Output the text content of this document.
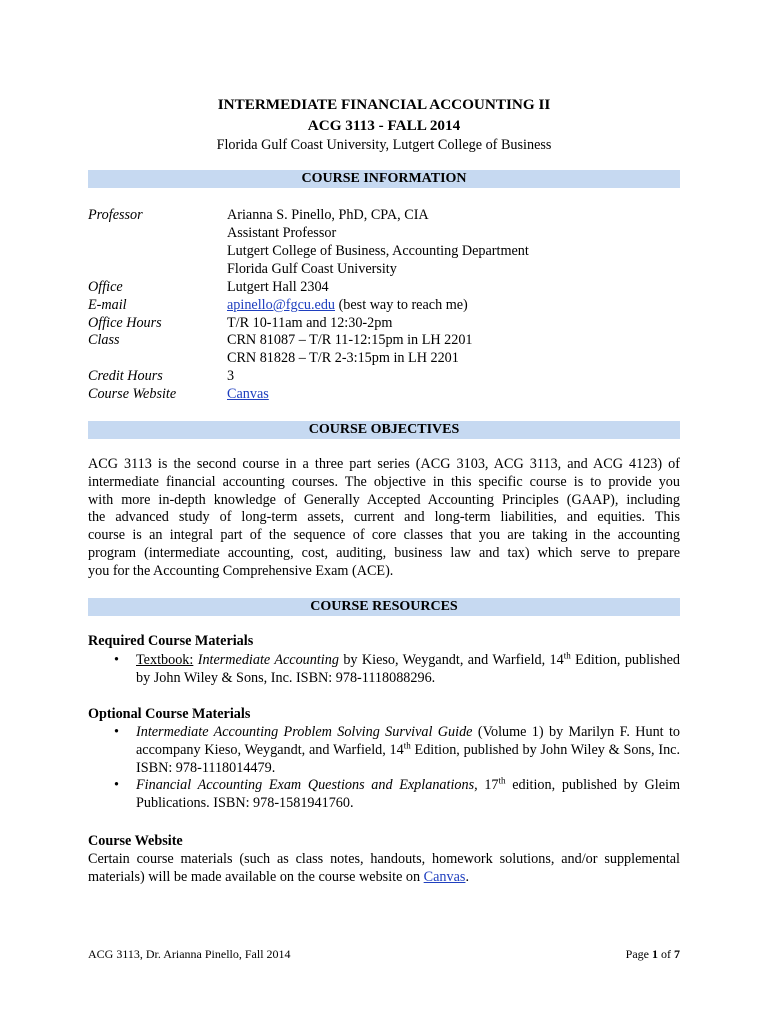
INTERMEDIATE FINANCIAL ACCOUNTING II
ACG 3113 - FALL 2014
Florida Gulf Coast University, Lutgert College of Business
COURSE INFORMATION
Professor	Arianna S. Pinello, PhD, CPA, CIA
Assistant Professor
Lutgert College of Business, Accounting Department
Florida Gulf Coast University
Office	Lutgert Hall 2304
E-mail	apinello@fgcu.edu (best way to reach me)
Office Hours	T/R 10-11am and 12:30-2pm
Class	CRN 81087 – T/R 11-12:15pm in LH 2201
CRN 81828 – T/R 2-3:15pm in LH 2201
Credit Hours	3
Course Website	Canvas
COURSE OBJECTIVES
ACG 3113 is the second course in a three part series (ACG 3103, ACG 3113, and ACG 4123) of
intermediate financial accounting courses. The objective in this specific course is to provide you
with more in-depth knowledge of Generally Accepted Accounting Principles (GAAP), including
the advanced study of long-term assets, current and long-term liabilities, and equities. This
course is an integral part of the sequence of core classes that you are taking in the accounting
program (intermediate accounting, cost, auditing, business law and tax) which serve to prepare
you for the Accounting Comprehensive Exam (ACE).
COURSE RESOURCES
Required Course Materials
• Textbook: Intermediate Accounting by Kieso, Weygandt, and Warfield, 14th Edition, published by John Wiley & Sons, Inc. ISBN: 978-1118088296.
Optional Course Materials
• Intermediate Accounting Problem Solving Survival Guide (Volume 1) by Marilyn F. Hunt to accompany Kieso, Weygandt, and Warfield, 14th Edition, published by John Wiley & Sons, Inc. ISBN: 978-1118014479.
• Financial Accounting Exam Questions and Explanations, 17th edition, published by Gleim Publications. ISBN: 978-1581941760.
Course Website
Certain course materials (such as class notes, handouts, homework solutions, and/or supplemental materials) will be made available on the course website on Canvas.
ACG 3113, Dr. Arianna Pinello, Fall 2014	Page 1 of 7
